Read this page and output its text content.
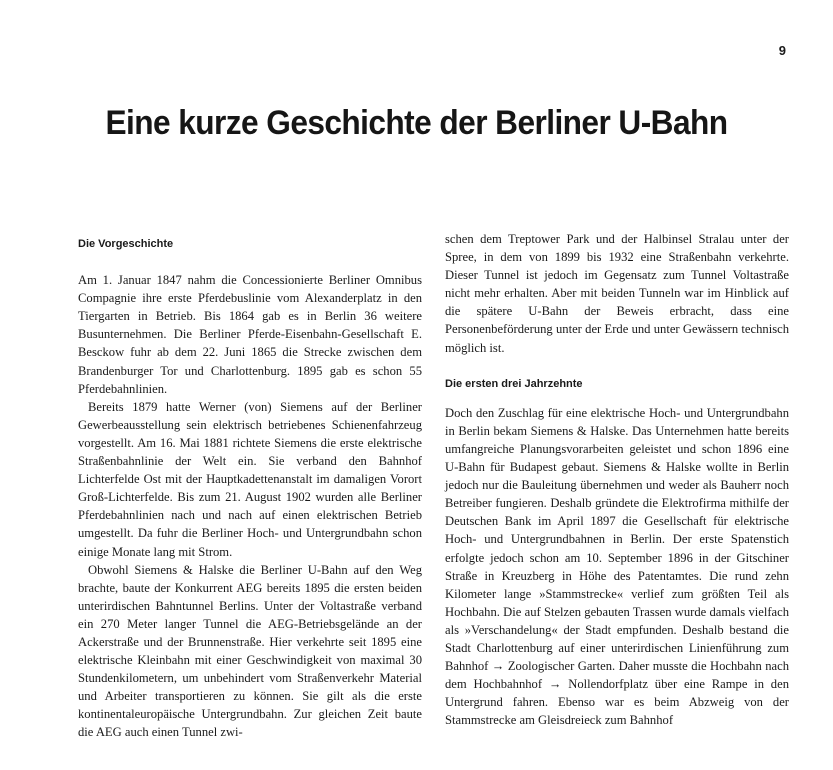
9
Eine kurze Geschichte der Berliner U-Bahn
Die Vorgeschichte

Am 1. Januar 1847 nahm die Concessionierte Berliner Omnibus Compagnie ihre erste Pferdebuslinie vom Alexanderplatz in den Tiergarten in Betrieb. Bis 1864 gab es in Berlin 36 weitere Busunternehmen. Die Berliner Pferde-Eisenbahn-Gesellschaft E. Besckow fuhr ab dem 22. Juni 1865 die Strecke zwischen dem Brandenburger Tor und Charlottenburg. 1895 gab es schon 55 Pferdebahnlinien.

Bereits 1879 hatte Werner (von) Siemens auf der Berliner Gewerbeausstellung sein elektrisch betriebenes Schienenfahrzeug vorgestellt. Am 16. Mai 1881 richtete Siemens die erste elektrische Straßenbahnlinie der Welt ein. Sie verband den Bahnhof Lichterfelde Ost mit der Hauptkadettenanstalt im damaligen Vorort Groß-Lichterfelde. Bis zum 21. August 1902 wurden alle Berliner Pferdebahnlinien nach und nach auf einen elektrischen Betrieb umgestellt. Da fuhr die Berliner Hoch- und Untergrundbahn schon einige Monate lang mit Strom.

Obwohl Siemens & Halske die Berliner U-Bahn auf den Weg brachte, baute der Konkurrent AEG bereits 1895 die ersten beiden unterirdischen Bahntunnel Berlins. Unter der Voltastraße verband ein 270 Meter langer Tunnel die AEG-Betriebsgelände an der Ackerstraße und der Brunnenstraße. Hier verkehrte seit 1895 eine elektrische Kleinbahn mit einer Geschwindigkeit von maximal 30 Stundenkilometern, um unbehindert vom Straßenverkehr Material und Arbeiter transportieren zu können. Sie gilt als die erste kontinentaleuropäische Untergrundbahn. Zur gleichen Zeit baute die AEG auch einen Tunnel zwi-

schen dem Treptower Park und der Halbinsel Stralau unter der Spree, in dem von 1899 bis 1932 eine Straßenbahn verkehrte. Dieser Tunnel ist jedoch im Gegensatz zum Tunnel Voltastraße nicht mehr erhalten. Aber mit beiden Tunneln war im Hinblick auf die spätere U-Bahn der Beweis erbracht, dass eine Personenbeförderung unter der Erde und unter Gewässern technisch möglich ist.

Die ersten drei Jahrzehnte

Doch den Zuschlag für eine elektrische Hoch- und Untergrundbahn in Berlin bekam Siemens & Halske. Das Unternehmen hatte bereits umfangreiche Planungsvorarbeiten geleistet und schon 1896 eine U-Bahn für Budapest gebaut. Siemens & Halske wollte in Berlin jedoch nur die Bauleitung übernehmen und weder als Bauherr noch Betreiber fungieren. Deshalb gründete die Elektrofirma mithilfe der Deutschen Bank im April 1897 die Gesellschaft für elektrische Hoch- und Untergrundbahnen in Berlin. Der erste Spatenstich erfolgte jedoch schon am 10. September 1896 in der Gitschiner Straße in Kreuzberg in Höhe des Patentamtes. Die rund zehn Kilometer lange »Stammstrecke« verlief zum größten Teil als Hochbahn. Die auf Stelzen gebauten Trassen wurde damals vielfach als »Verschandelung« der Stadt empfunden. Deshalb bestand die Stadt Charlottenburg auf einer unterirdischen Linienführung zum Bahnhof → Zoologischer Garten. Daher musste die Hochbahn nach dem Hochbahnhof → Nollendorfplatz über eine Rampe in den Untergrund fahren. Ebenso war es beim Abzweig von der Stammstrecke am Gleisdreieck zum Bahnhof
